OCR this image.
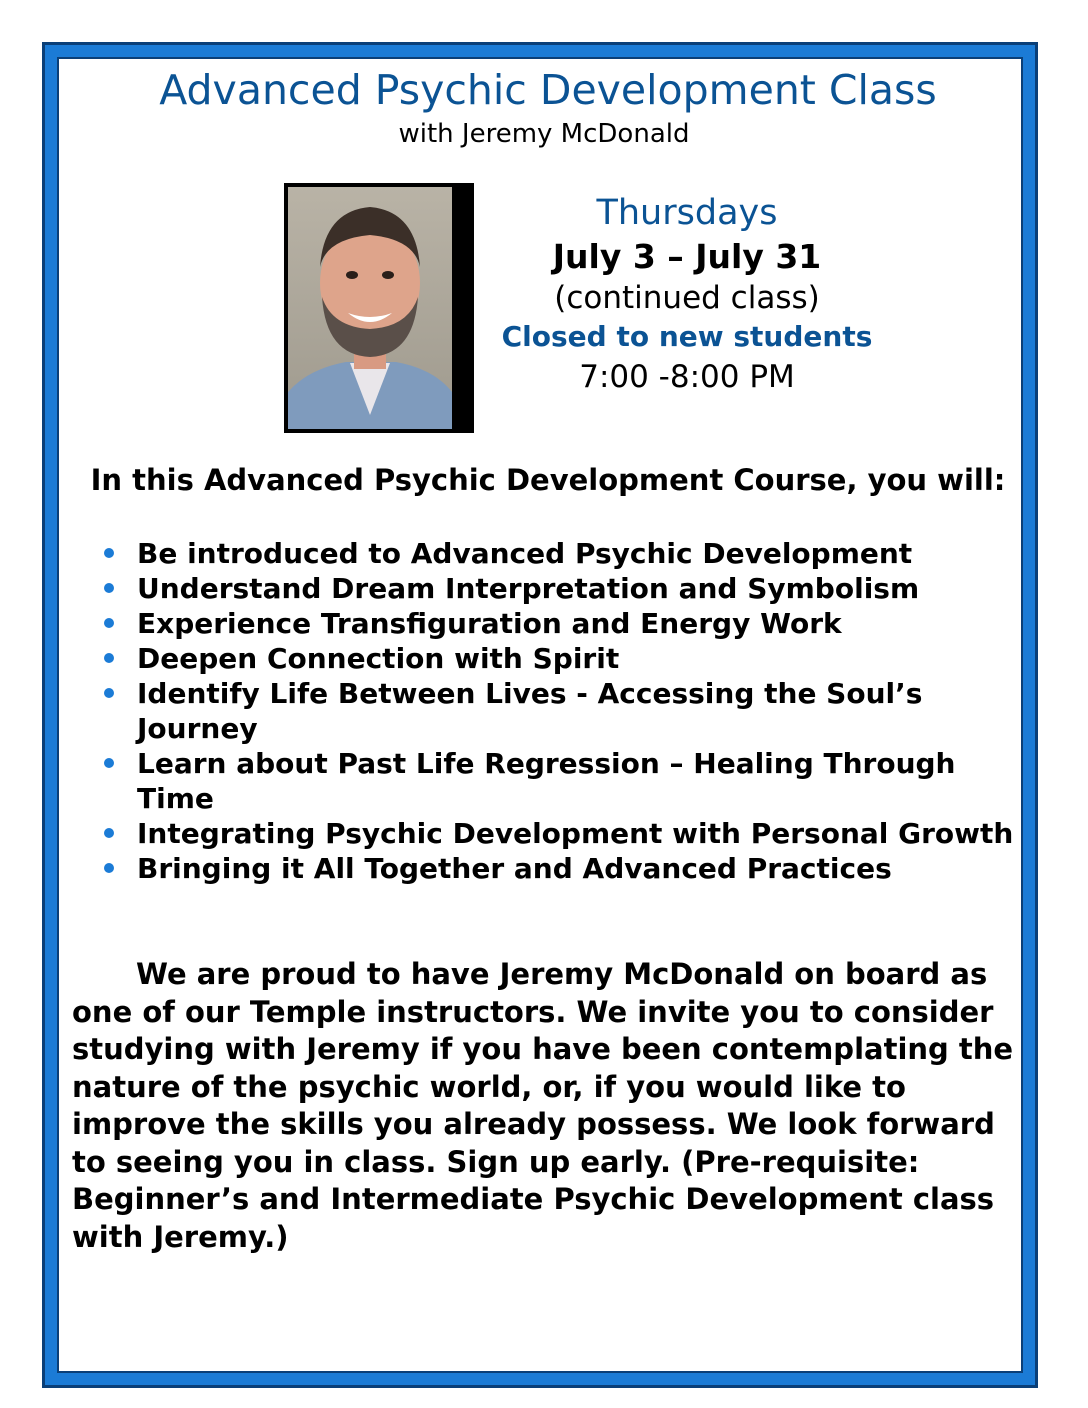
Advanced Psychic Development Class
with Jeremy McDonald
Thursdays
July 3 – July 31
(continued class)
Closed to new students
7:00 -8:00 PM
In this Advanced Psychic Development Course, you will:
Be introduced to Advanced Psychic Development
Understand Dream Interpretation and Symbolism
Experience Transfiguration and Energy Work
Deepen Connection with Spirit
Identify Life Between Lives - Accessing the Soul’s Journey
Learn about Past Life Regression – Healing Through Time
Integrating Psychic Development with Personal Growth
Bringing it All Together and Advanced Practices
We are proud to have Jeremy McDonald on board as one of our Temple instructors. We invite you to consider studying with Jeremy if you have been contemplating the nature of the psychic world, or, if you would like to improve the skills you already possess. We look forward to seeing you in class. Sign up early. (Pre-requisite: Beginner’s and Intermediate Psychic Development class with Jeremy.)
